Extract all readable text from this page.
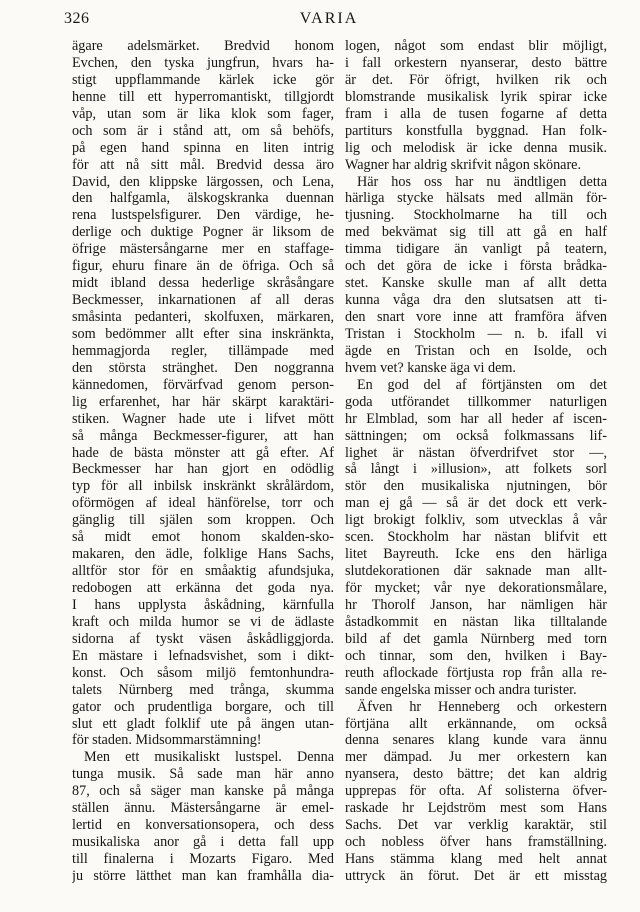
326	VARIA
ägare adelsmärket. Bredvid honom
Evchen, den tyska jungfrun, hvars ha-
stigt uppflammande kärlek icke gör
henne till ett hyperromantiskt, tillgjordt
våp, utan som är lika klok som fager,
och som är i stånd att, om så behöfs,
på egen hand spinna en liten intrig
för att nå sitt mål. Bredvid dessa äro
David, den klippske lärgossen, och Lena,
den halfgamla, älskogskranka duennan
rena lustspelsfigurer. Den värdige, he-
derlige och duktige Pogner är liksom de
öfrige mästersångarne mer en staffage-
figur, ehuru finare än de öfriga. Och så
midt ibland dessa hederlige skråsångare
Beckmesser, inkarnationen af all deras
småsinta pedanteri, skolfuxen, märkaren,
som bedömmer allt efter sina inskränkta,
hemmagjorda regler, tillämpade med
den största stränghet. Den noggranna
kännedomen, förvärfvad genom person-
lig erfarenhet, har här skärpt karaktäri-
stiken. Wagner hade ute i lifvet mött
så många Beckmesser-figurer, att han
hade de bästa mönster att gå efter. Af
Beckmesser har han gjort en odödlig
typ för all inbilsk inskränkt skrålärdom,
oförmögen af ideal hänförelse, torr och
gänglig till själen som kroppen. Och
så midt emot honom skalden-sko-
makaren, den ädle, folklige Hans Sachs,
alltför stor för en småaktig afundsjuka,
redobogen att erkänna det goda nya.
I hans upplysta åskådning, kärnfulla
kraft och milda humor se vi de ädlaste
sidorna af tyskt väsen åskådliggjorda.
En mästare i lefnadsvishet, som i dikt-
konst. Och såsom miljö femtonhundra-
talets Nürnberg med trånga, skumma
gator och prudentliga borgare, och till
slut ett gladt folklif ute på ängen utan-
för staden. Midsommarstämning!
Men ett musikaliskt lustspel. Denna
tunga musik. Så sade man här anno
87, och så säger man kanske på många
ställen ännu. Mästersångarne är emel-
lertid en konversationsopera, och dess
musikaliska anor gå i detta fall upp
till finalerna i Mozarts Figaro. Med
ju större lätthet man kan framhålla dia-
logen, något som endast blir möjligt,
i fall orkestern nyanserar, desto bättre
är det. För öfrigt, hvilken rik och
blomstrande musikalisk lyrik spirar icke
fram i alla de tusen fogarne af detta
partiturs konstfulla byggnad. Han folk-
lig och melodisk är icke denna musik.
Wagner har aldrig skrifvit någon skönare.
Här hos oss har nu ändtligen detta
härliga stycke hälsats med allmän för-
tjusning. Stockholmarne ha till och
med bekvämat sig till att gå en half
timma tidigare än vanligt på teatern,
och det göra de icke i första brådka-
stet. Kanske skulle man af allt detta
kunna våga dra den slutsatsen att ti-
den snart vore inne att framföra äfven
Tristan i Stockholm — n. b. ifall vi
ägde en Tristan och en Isolde, och
hvem vet? kanske äga vi dem.
En god del af förtjänsten om det
goda utförandet tillkommer naturligen
hr Elmblad, som har all heder af iscen-
sättningen; om också folkmassans lif-
lighet är nästan öfverdrifvet stor —,
så långt i »illusion», att folkets sorl
stör den musikaliska njutningen, bör
man ej gå — så är det dock ett verk-
ligt brokigt folkliv, som utvecklas å vår
scen. Stockholm har nästan blifvit ett
litet Bayreuth. Icke ens den härliga
slutdekorationen där saknade man allt-
för mycket; vår nye dekorationsmålare,
hr Thorolf Janson, har nämligen här
åstadkommit en nästan lika tilltalande
bild af det gamla Nürnberg med torn
och tinnar, som den, hvilken i Bay-
reuth aflockade förtjusta rop från alla re-
sande engelska misser och andra turister.
Äfven hr Henneberg och orkestern
förtjäna allt erkännande, om också
denna senares klang kunde vara ännu
mer dämpad. Ju mer orkestern kan
nyansera, desto bättre; det kan aldrig
upprepas för ofta. Af solisterna öfver-
raskade hr Lejdström mest som Hans
Sachs. Det var verklig karaktär, stil
och nobless öfver hans framställning.
Hans stämma klang med helt annat
uttryck än förut. Det är ett misstag
